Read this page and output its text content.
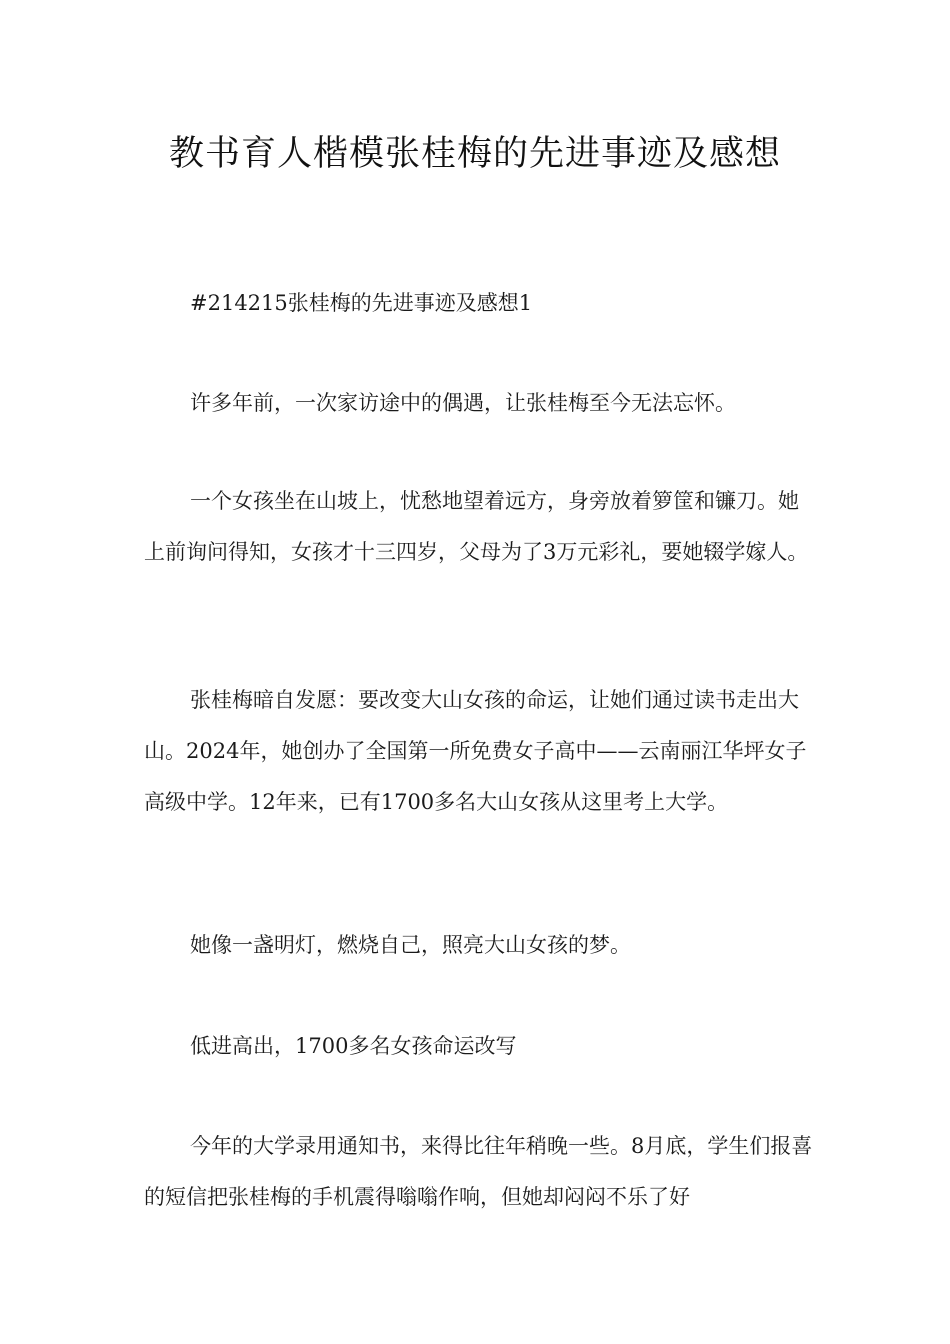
教书育人楷模张桂梅的先进事迹及感想

#214215张桂梅的先进事迹及感想1

许多年前，一次家访途中的偶遇，让张桂梅至今无法忘怀。

一个女孩坐在山坡上，忧愁地望着远方，身旁放着箩筐和镰刀。她上前询问得知，女孩才十三四岁，父母为了3万元彩礼，要她辍学嫁人。

张桂梅暗自发愿：要改变大山女孩的命运，让她们通过读书走出大山。2024年，她创办了全国第一所免费女子高中——云南丽江华坪女子高级中学。12年来，已有1700多名大山女孩从这里考上大学。

她像一盏明灯，燃烧自己，照亮大山女孩的梦。

低进高出，1700多名女孩命运改写

今年的大学录用通知书，来得比往年稍晚一些。8月底，学生们报喜的短信把张桂梅的手机震得嗡嗡作响，但她却闷闷不乐了好
